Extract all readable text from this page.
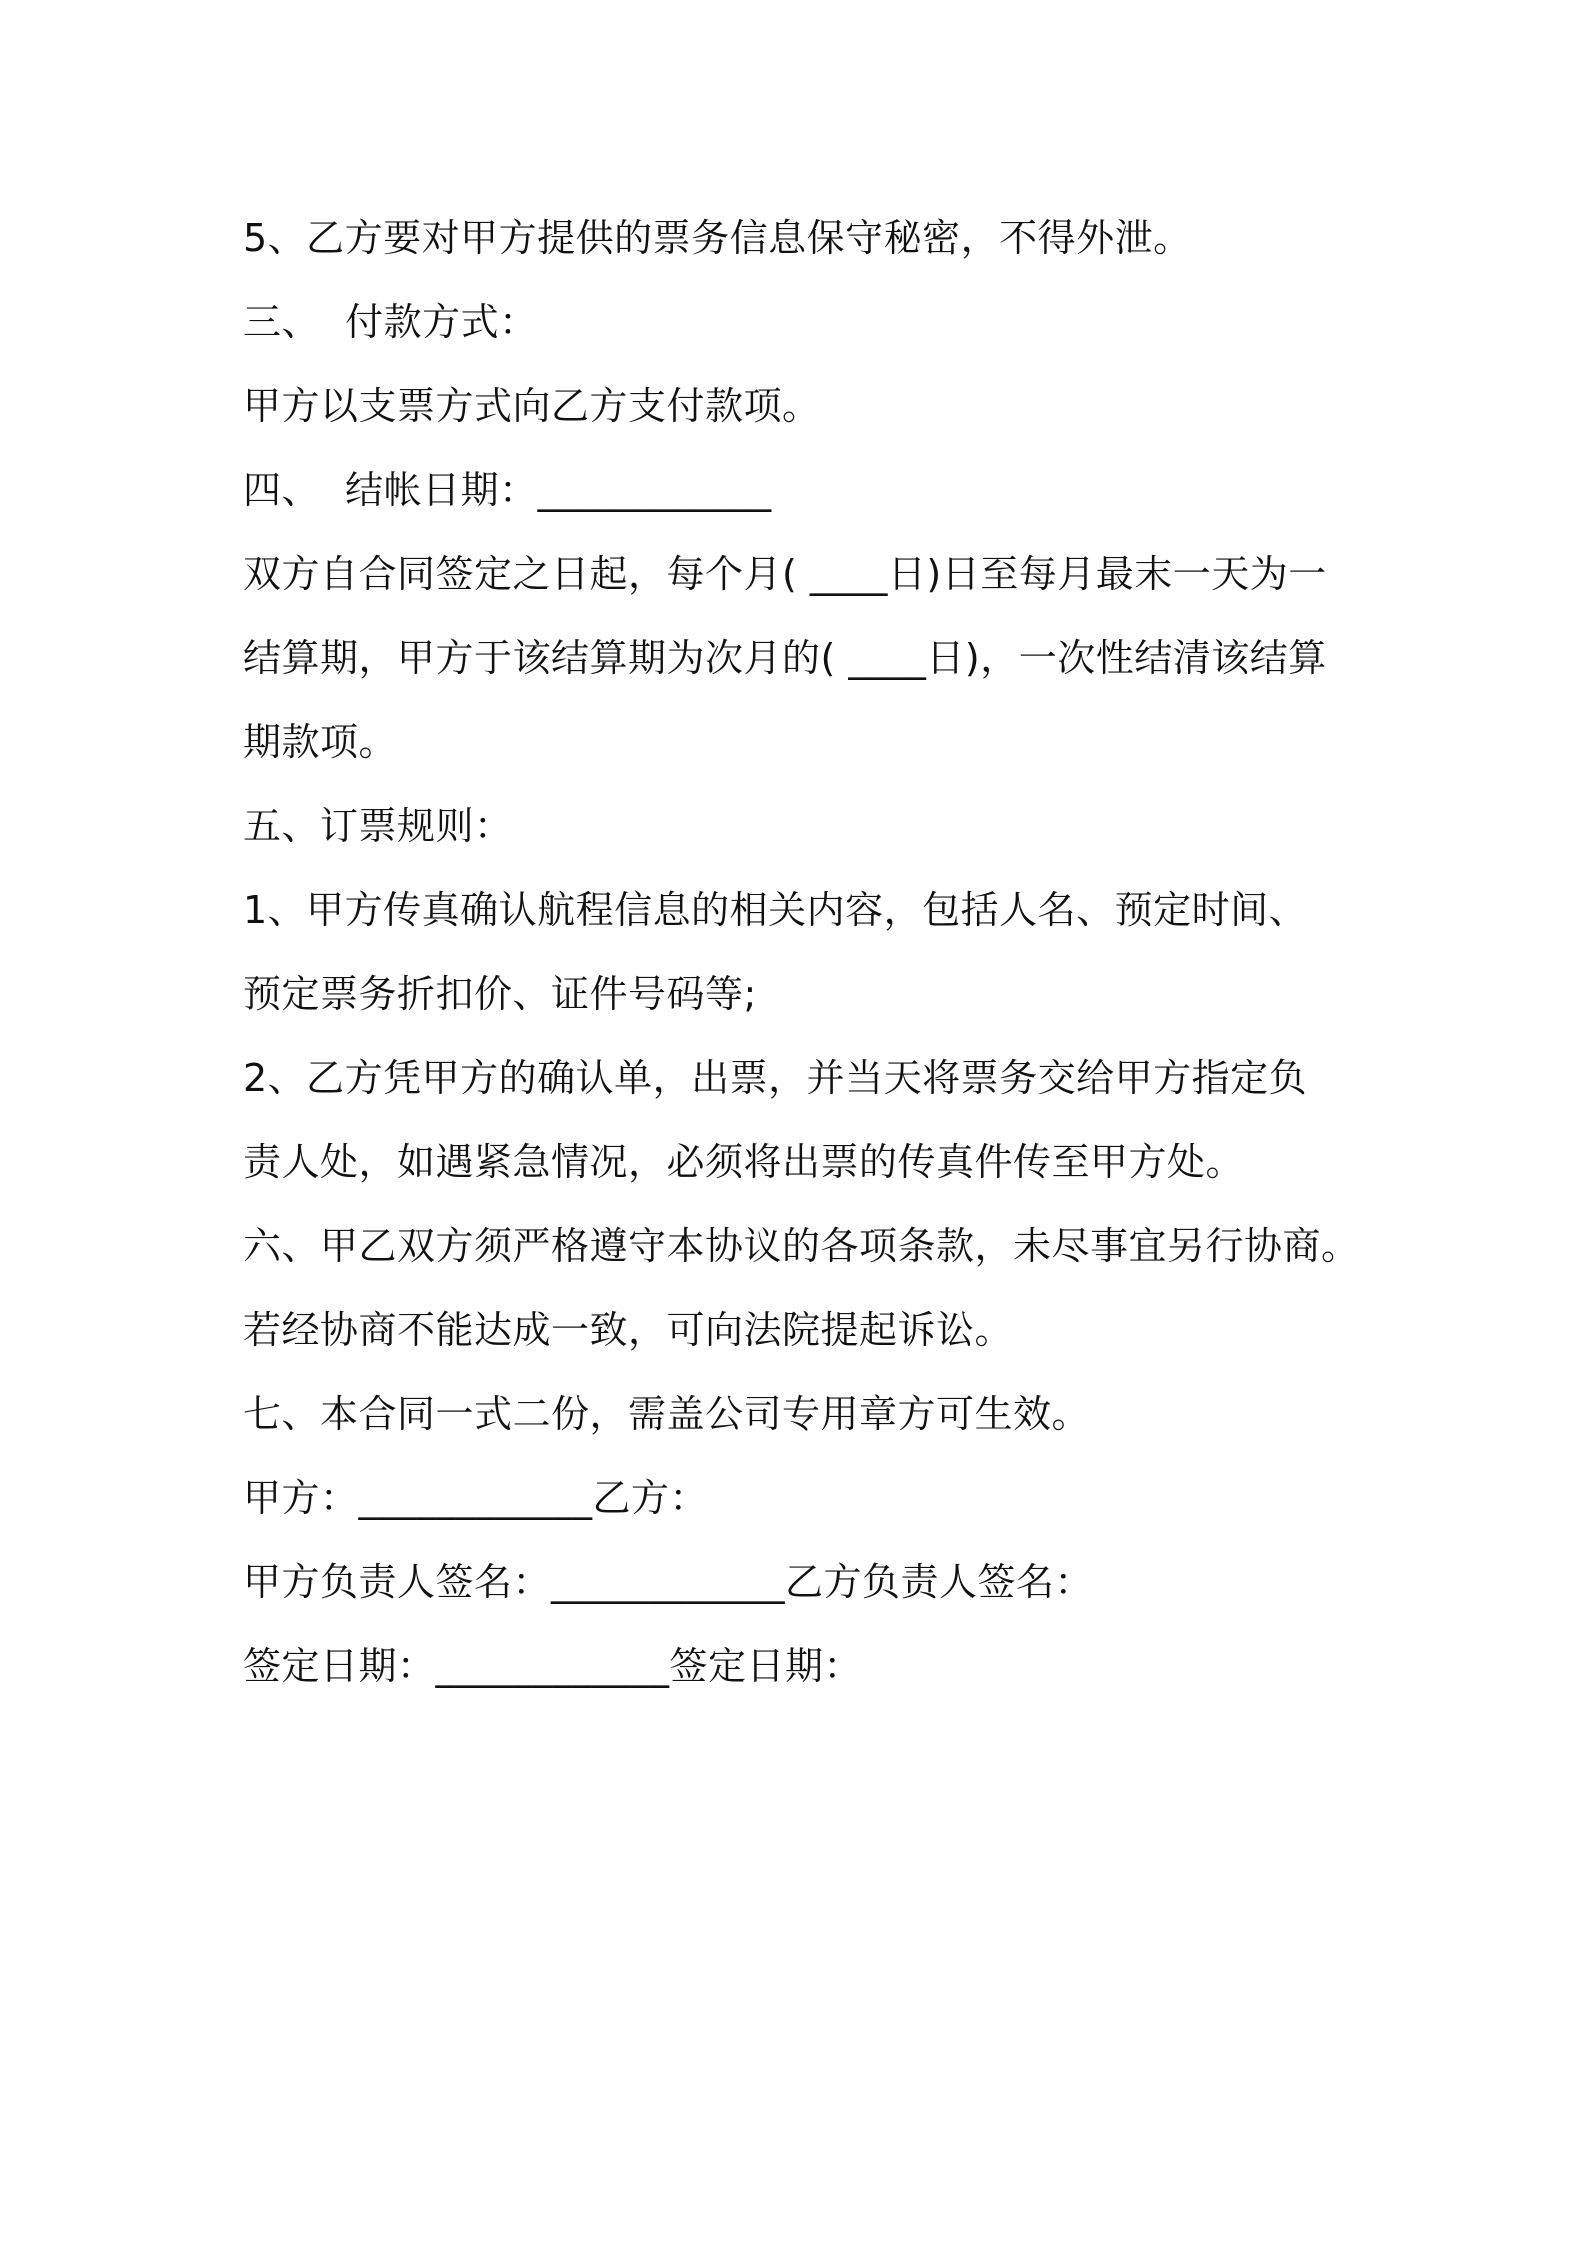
5、乙方要对甲方提供的票务信息保守秘密，不得外泄。
三、  付款方式：
甲方以支票方式向乙方支付款项。
四、  结帐日期：____________
双方自合同签定之日起，每个月( ____日)日至每月最末一天为一
结算期，甲方于该结算期为次月的( ____日)，一次性结清该结算
期款项。
五、订票规则：
1、甲方传真确认航程信息的相关内容，包括人名、预定时间、
预定票务折扣价、证件号码等;
2、乙方凭甲方的确认单，出票，并当天将票务交给甲方指定负
责人处，如遇紧急情况，必须将出票的传真件传至甲方处。
六、甲乙双方须严格遵守本协议的各项条款，未尽事宜另行协商。
若经协商不能达成一致，可向法院提起诉讼。
七、本合同一式二份，需盖公司专用章方可生效。
甲方：____________乙方：
甲方负责人签名：____________乙方负责人签名：
签定日期：____________签定日期：
